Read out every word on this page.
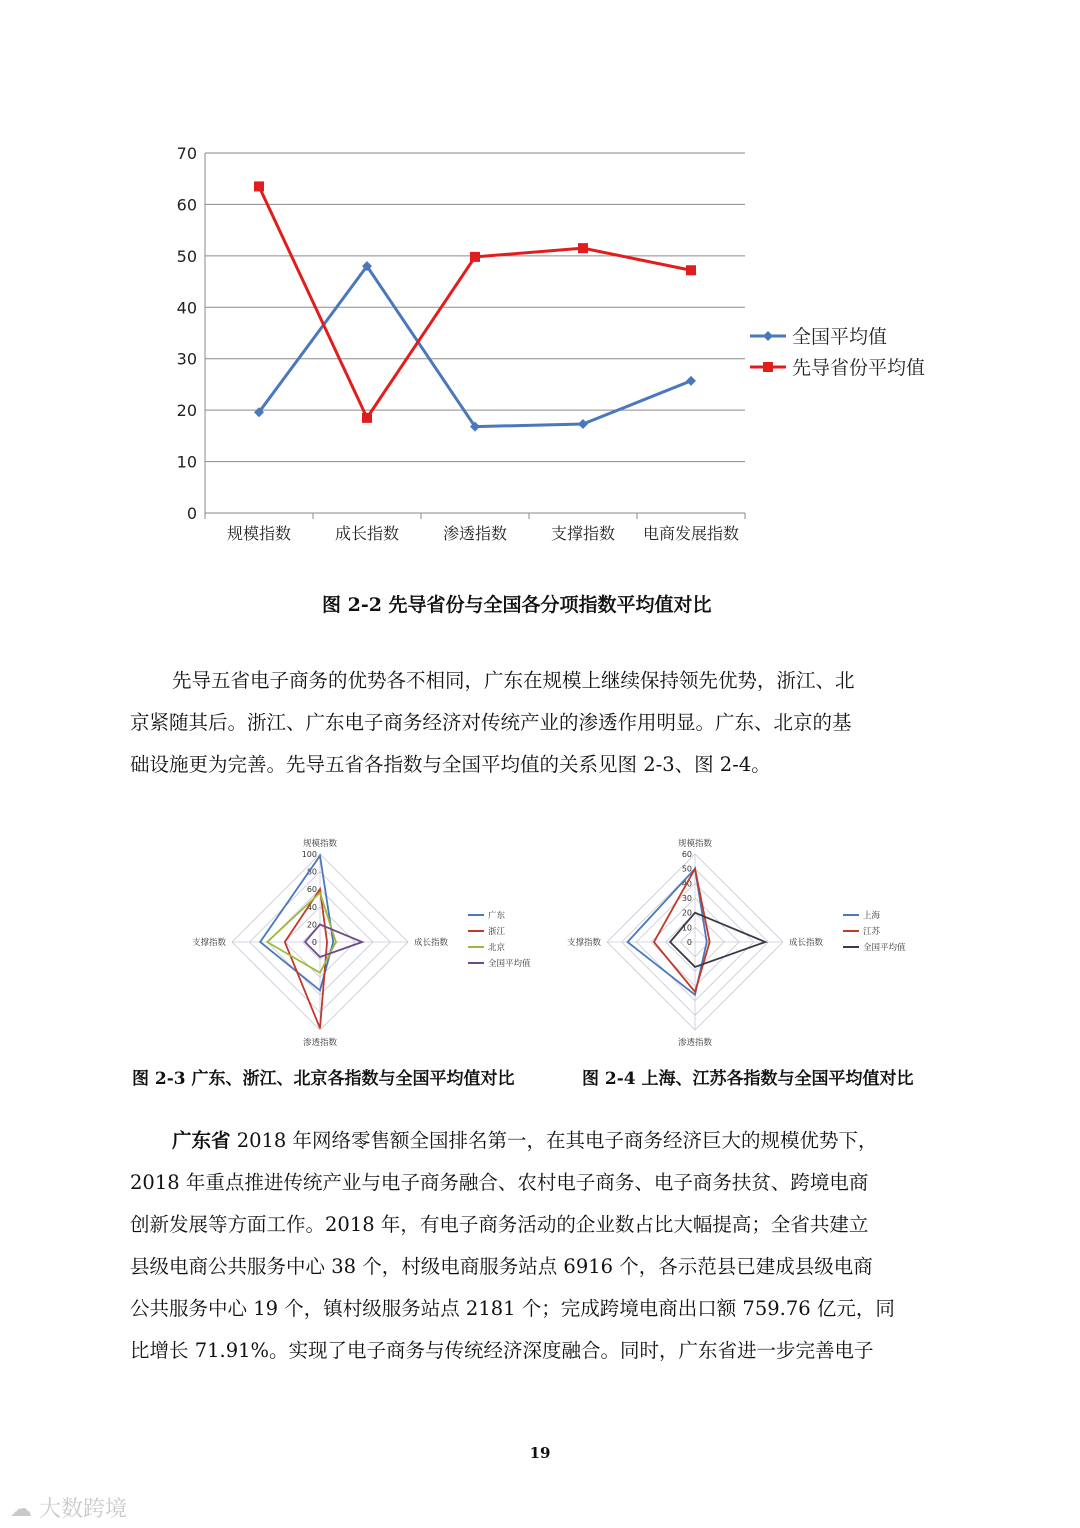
0
10
20
30
40
50
60
70
规模指数	成长指数	渗透指数	支撑指数 电商发展指数
全国平均值
先导省份平均值
图 2-2 先导省份与全国各分项指数平均值对比
先导五省电子商务的优势各不相同，广东在规模上继续保持领先优势，浙江、北
京紧随其后。浙江、广东电子商务经济对传统产业的渗透作用明显。广东、北京的基
础设施更为完善。先导五省各指数与全国平均值的关系见图 2-3、图 2-4。
0
20
40
60
80
100
规模指数
成长指数
渗透指数
支撑指数
广东
浙江
北京
全国平均值
0
10
20
30
40
50
60
规模指数
成长指数
渗透指数
支撑指数
上海
江苏
全国平均值
图 2-3 广东、浙江、北京各指数与全国平均值对比	图 2-4 上海、江苏各指数与全国平均值对比
广东省 2018 年网络零售额全国排名第一，在其电子商务经济巨大的规模优势下，
2018 年重点推进传统产业与电子商务融合、农村电子商务、电子商务扶贫、跨境电商
创新发展等方面工作。2018 年，有电子商务活动的企业数占比大幅提高；全省共建立
县级电商公共服务中心 38 个，村级电商服务站点 6916 个，各示范县已建成县级电商
公共服务中心 19 个，镇村级服务站点 2181 个；完成跨境电商出口额 759.76 亿元，同
比增长 71.91%。实现了电子商务与传统经济深度融合。同时，广东省进一步完善电子
19
☁ 大数跨境
